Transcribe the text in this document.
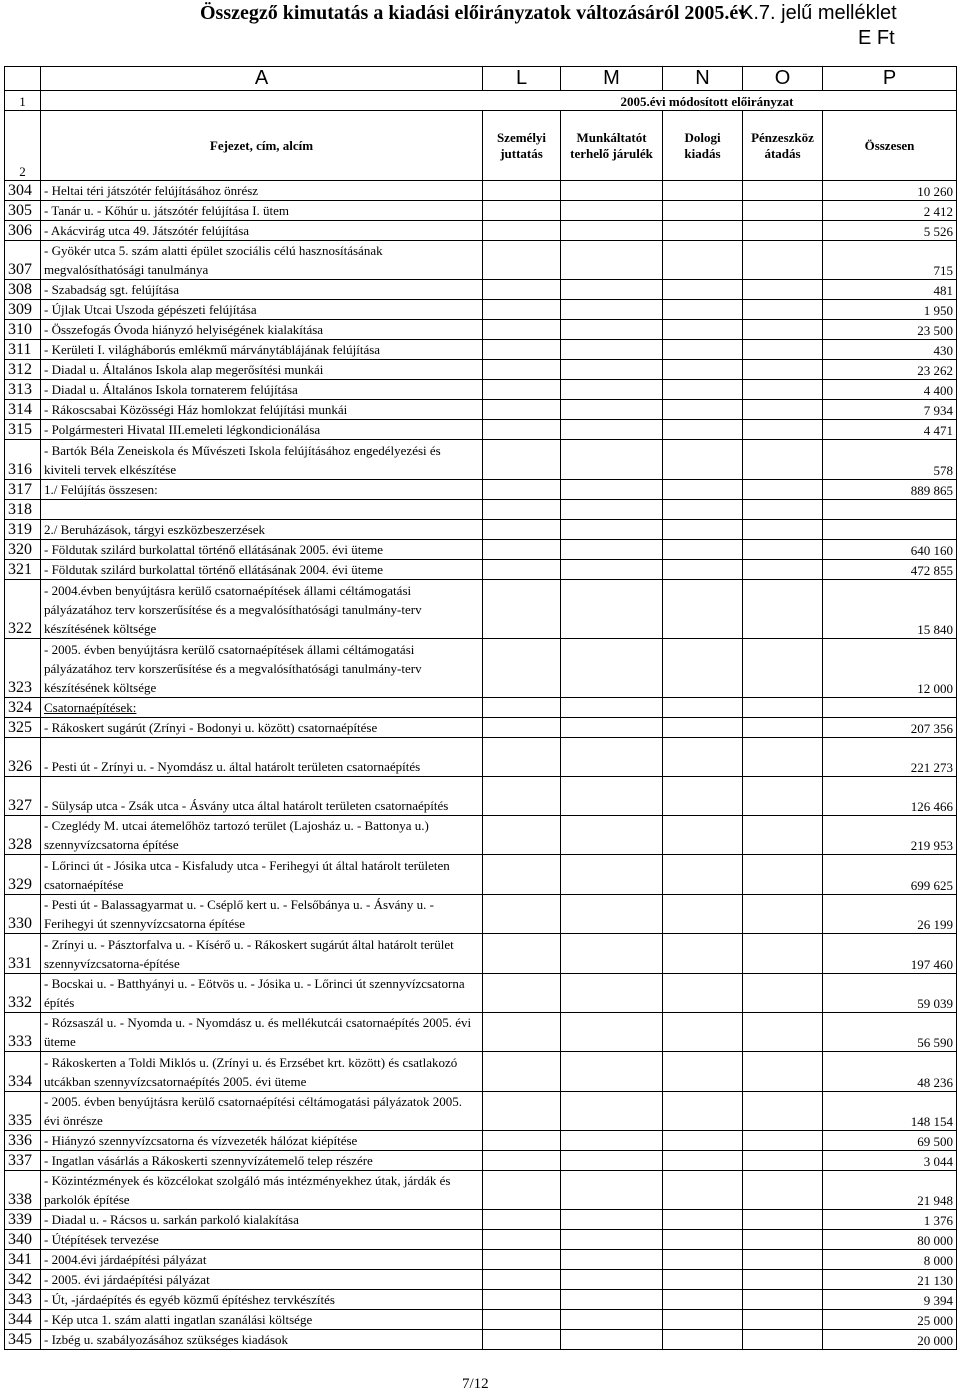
Összegző kimutatás a kiadási előirányzatok változásáról 2005.év
K.7. jelű melléklet
E Ft
	A	L	M	N	O	P
1			2005.évi módosított előirányzat			
2	Fejezet, cím, alcím	Személyi juttatás	Munkáltatót terhelő járulék	Dologi kiadás	Pénzeszköz átadás	Összesen
304	- Heltai téri játszótér felújításához önrész					10 260
305	- Tanár u. - Kőhúr u. játszótér felújítása I. ütem					2 412
306	- Akácvirág utca 49. Játszótér felújítása					5 526
307	- Gyökér utca 5. szám alatti épület szociális célú hasznosításának megvalósíthatósági tanulmánya					715
308	- Szabadság sgt. felújítása					481
309	- Újlak Utcai Uszoda gépészeti felújítása					1 950
310	- Összefogás Óvoda hiányzó helyiségének kialakítása					23 500
311	- Kerületi I. világháborús emlékmű márványtáblájának felújítása					430
312	- Diadal u. Általános Iskola alap megerősítési munkái					23 262
313	- Diadal u. Általános Iskola tornaterem felújítása					4 400
314	- Rákoscsabai Közösségi Ház homlokzat felújítási munkái					7 934
315	- Polgármesteri Hivatal III.emeleti légkondicionálása					4 471
316	- Bartók Béla Zeneiskola és Művészeti Iskola felújításához engedélyezési és kiviteli tervek elkészítése					578
317	1./ Felújítás összesen:					889 865
318						
319	2./ Beruházások, tárgyi eszközbeszerzések					
320	- Földutak szilárd burkolattal történő ellátásának 2005. évi üteme					640 160
321	- Földutak szilárd burkolattal történő ellátásának 2004. évi üteme					472 855
322	- 2004.évben benyújtásra kerülő csatornaépítések állami céltámogatási pályázatához terv korszerűsítése és a megvalósíthatósági tanulmány-terv készítésének költsége					15 840
323	- 2005. évben benyújtásra kerülő csatornaépítések állami céltámogatási pályázatához terv korszerűsítése és a megvalósíthatósági tanulmány-terv készítésének költsége					12 000
324	Csatornaépítések:					
325	- Rákoskert sugárút (Zrínyi - Bodonyi u. között) csatornaépítése					207 356
326	- Pesti út - Zrínyi u. - Nyomdász u. által határolt területen csatornaépítés					221 273
327	- Sülysáp utca - Zsák utca - Ásvány utca által határolt területen csatornaépítés					126 466
328	- Czeglédy M. utcai átemelőhöz tartozó terület (Lajosház u. - Battonya u.) szennyvízcsatorna építése					219 953
329	- Lőrinci út - Jósika utca - Kisfaludy utca - Ferihegyi út által határolt területen csatornaépítése					699 625
330	- Pesti út - Balassagyarmat u. - Cséplő kert u. - Felsőbánya u. - Ásvány u. - Ferihegyi út szennyvízcsatorna építése					26 199
331	- Zrínyi u. - Pásztorfalva u. - Kísérő u. - Rákoskert sugárút által határolt terület szennyvízcsatorna-építése					197 460
332	- Bocskai u. - Batthyányi u. - Eötvös u. - Jósika u. - Lőrinci út szennyvízcsatorna építés					59 039
333	- Rózsaszál u. - Nyomda u. - Nyomdász u. és mellékutcái csatornaépítés 2005. évi üteme					56 590
334	- Rákoskerten a Toldi Miklós u. (Zrínyi u. és Erzsébet krt. között) és csatlakozó utcákban szennyvízcsatornaépítés 2005. évi üteme					48 236
335	- 2005. évben benyújtásra kerülő csatornaépítési céltámogatási pályázatok 2005. évi önrésze					148 154
336	- Hiányzó szennyvízcsatorna és vízvezeték hálózat kiépítése					69 500
337	- Ingatlan vásárlás a Rákoskerti szennyvízátemelő telep részére					3 044
338	- Közintézmények és közcélokat szolgáló más intézményekhez útak, járdák és parkolók építése					21 948
339	- Diadal u. - Rácsos u. sarkán parkoló kialakítása					1 376
340	- Útépítések tervezése					80 000
341	- 2004.évi járdaépítési pályázat					8 000
342	- 2005. évi járdaépítési pályázat					21 130
343	- Út, -járdaépítés és egyéb közmű építéshez tervkészítés					9 394
344	- Kép utca 1. szám alatti ingatlan szanálási költsége					25 000
345	- Izbég u. szabályozásához szükséges kiadások					20 000
7/12
